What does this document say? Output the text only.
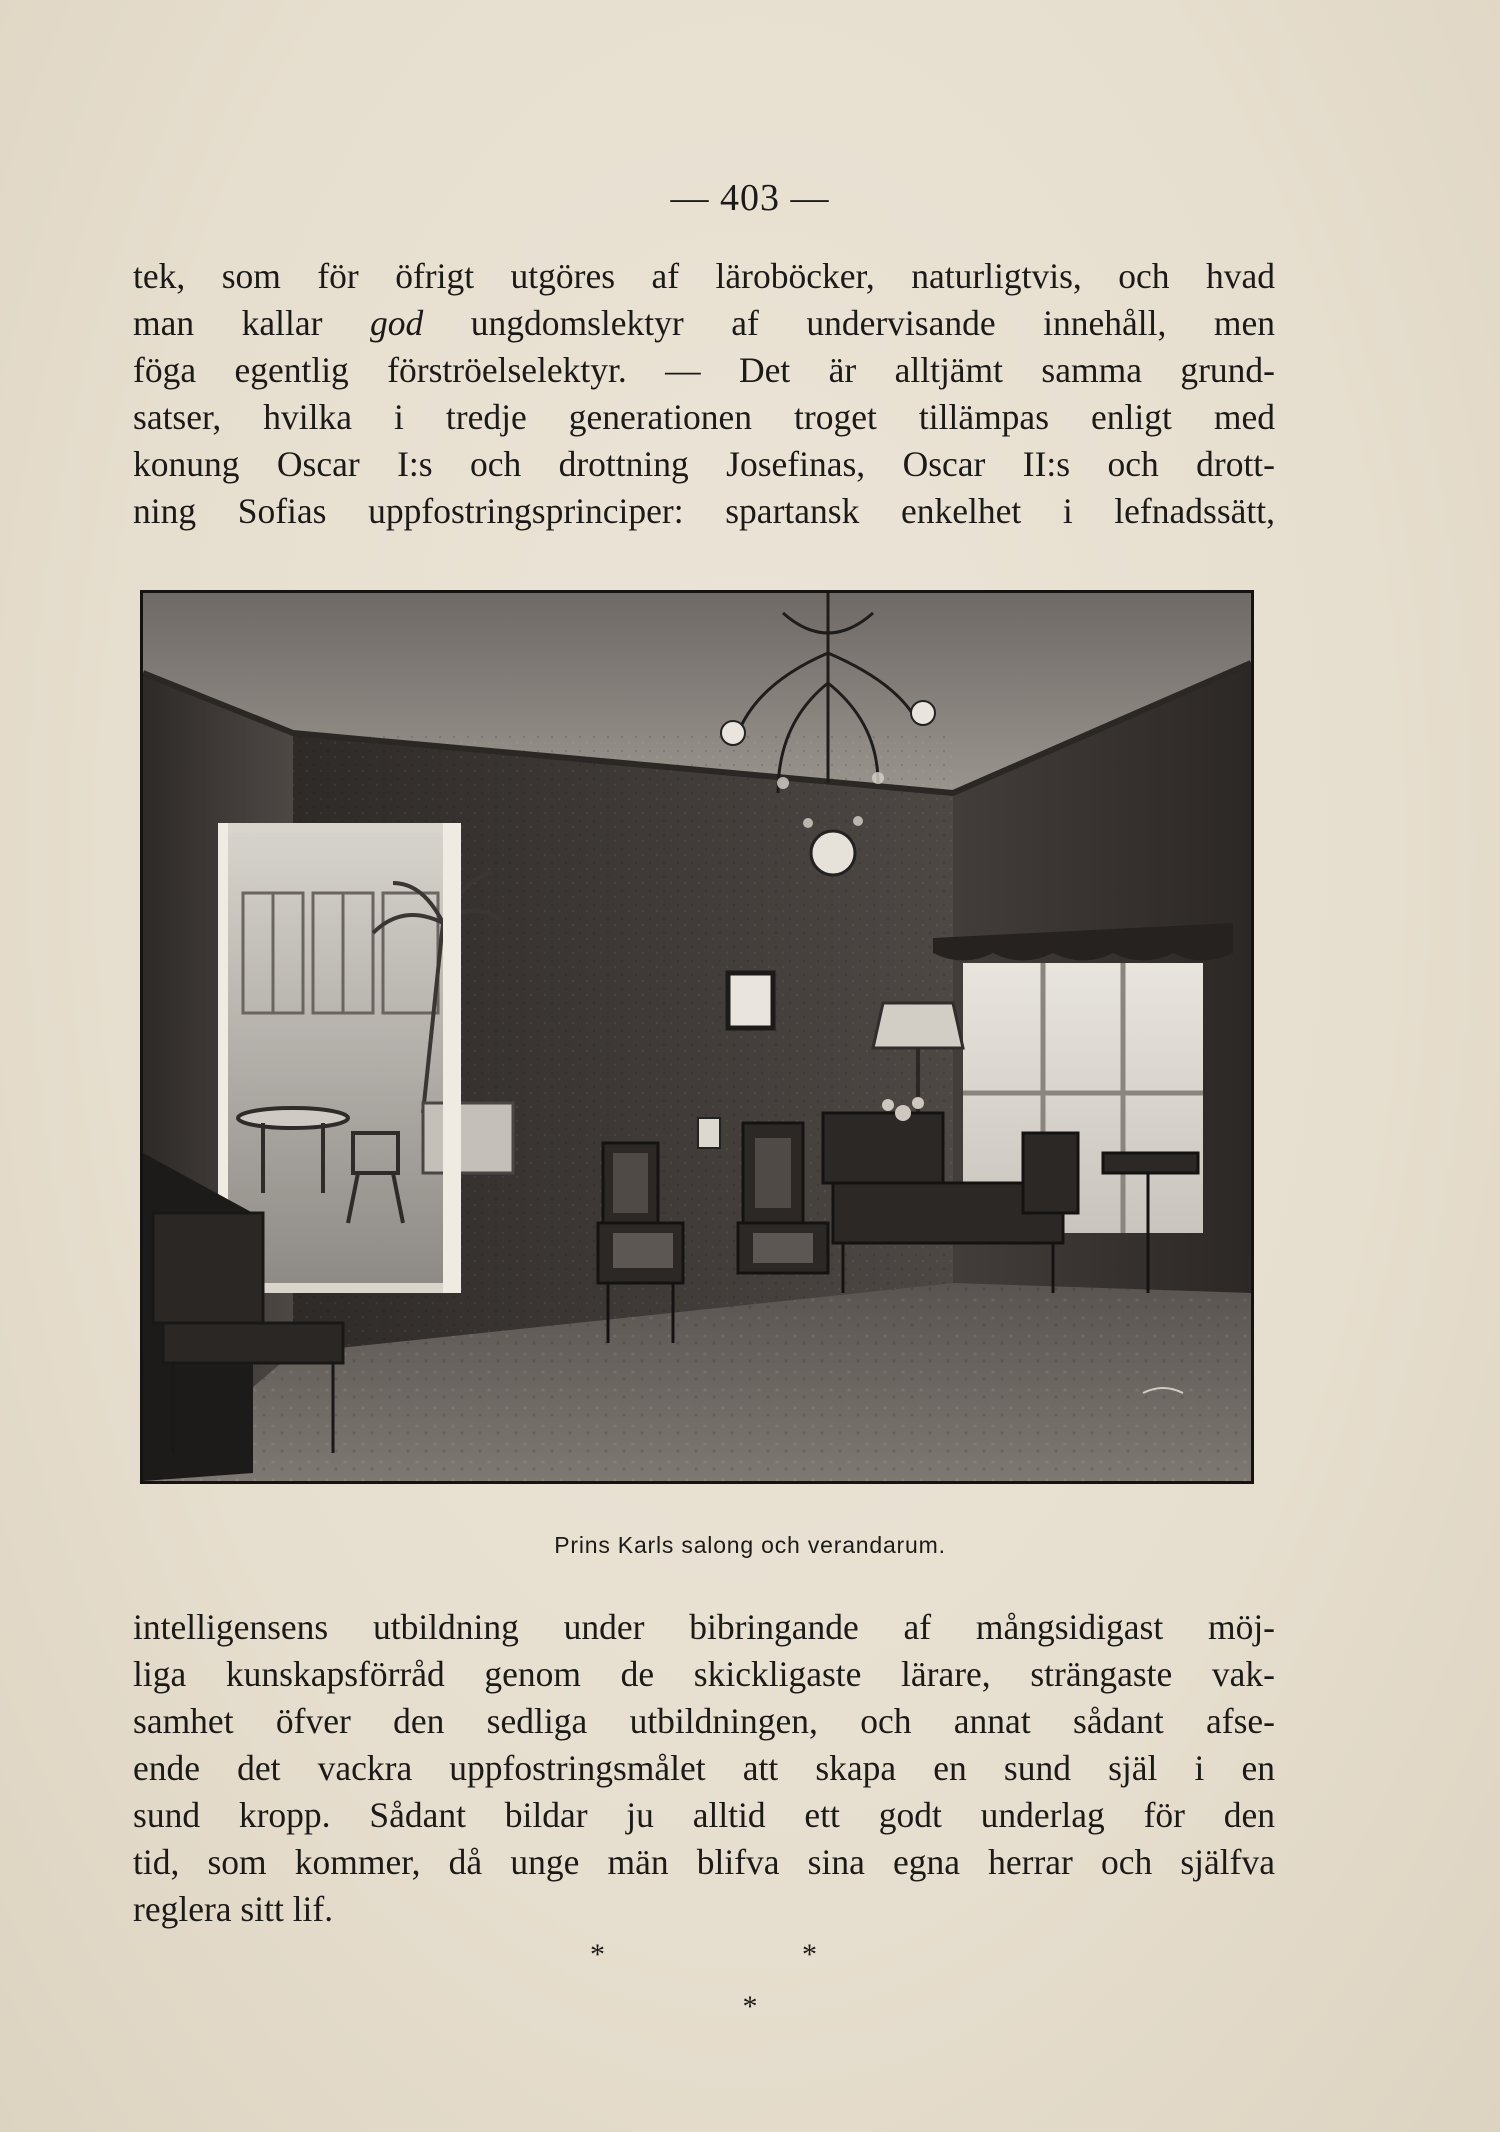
— 403 —
tek, som för öfrigt utgöres af läroböcker, naturligtvis, och hvad
man kallar god ungdomslektyr af undervisande innehåll, men
föga egentlig förströelselektyr. — Det är alltjämt samma grund-
satser, hvilka i tredje generationen troget tillämpas enligt med
konung Oscar I:s och drottning Josefinas, Oscar II:s och drott-
ning Sofias uppfostringsprinciper: spartansk enkelhet i lefnadssätt,
Prins Karls salong och verandarum.
intelligensens utbildning under bibringande af mångsidigast möj-
liga kunskapsförråd genom de skickligaste lärare, strängaste vak-
samhet öfver den sedliga utbildningen, och annat sådant afse-
ende det vackra uppfostringsmålet att skapa en sund själ i en
sund kropp. Sådant bildar ju alltid ett godt underlag för den
tid, som kommer, då unge män blifva sina egna herrar och själfva
reglera sitt lif.
*	*
*
